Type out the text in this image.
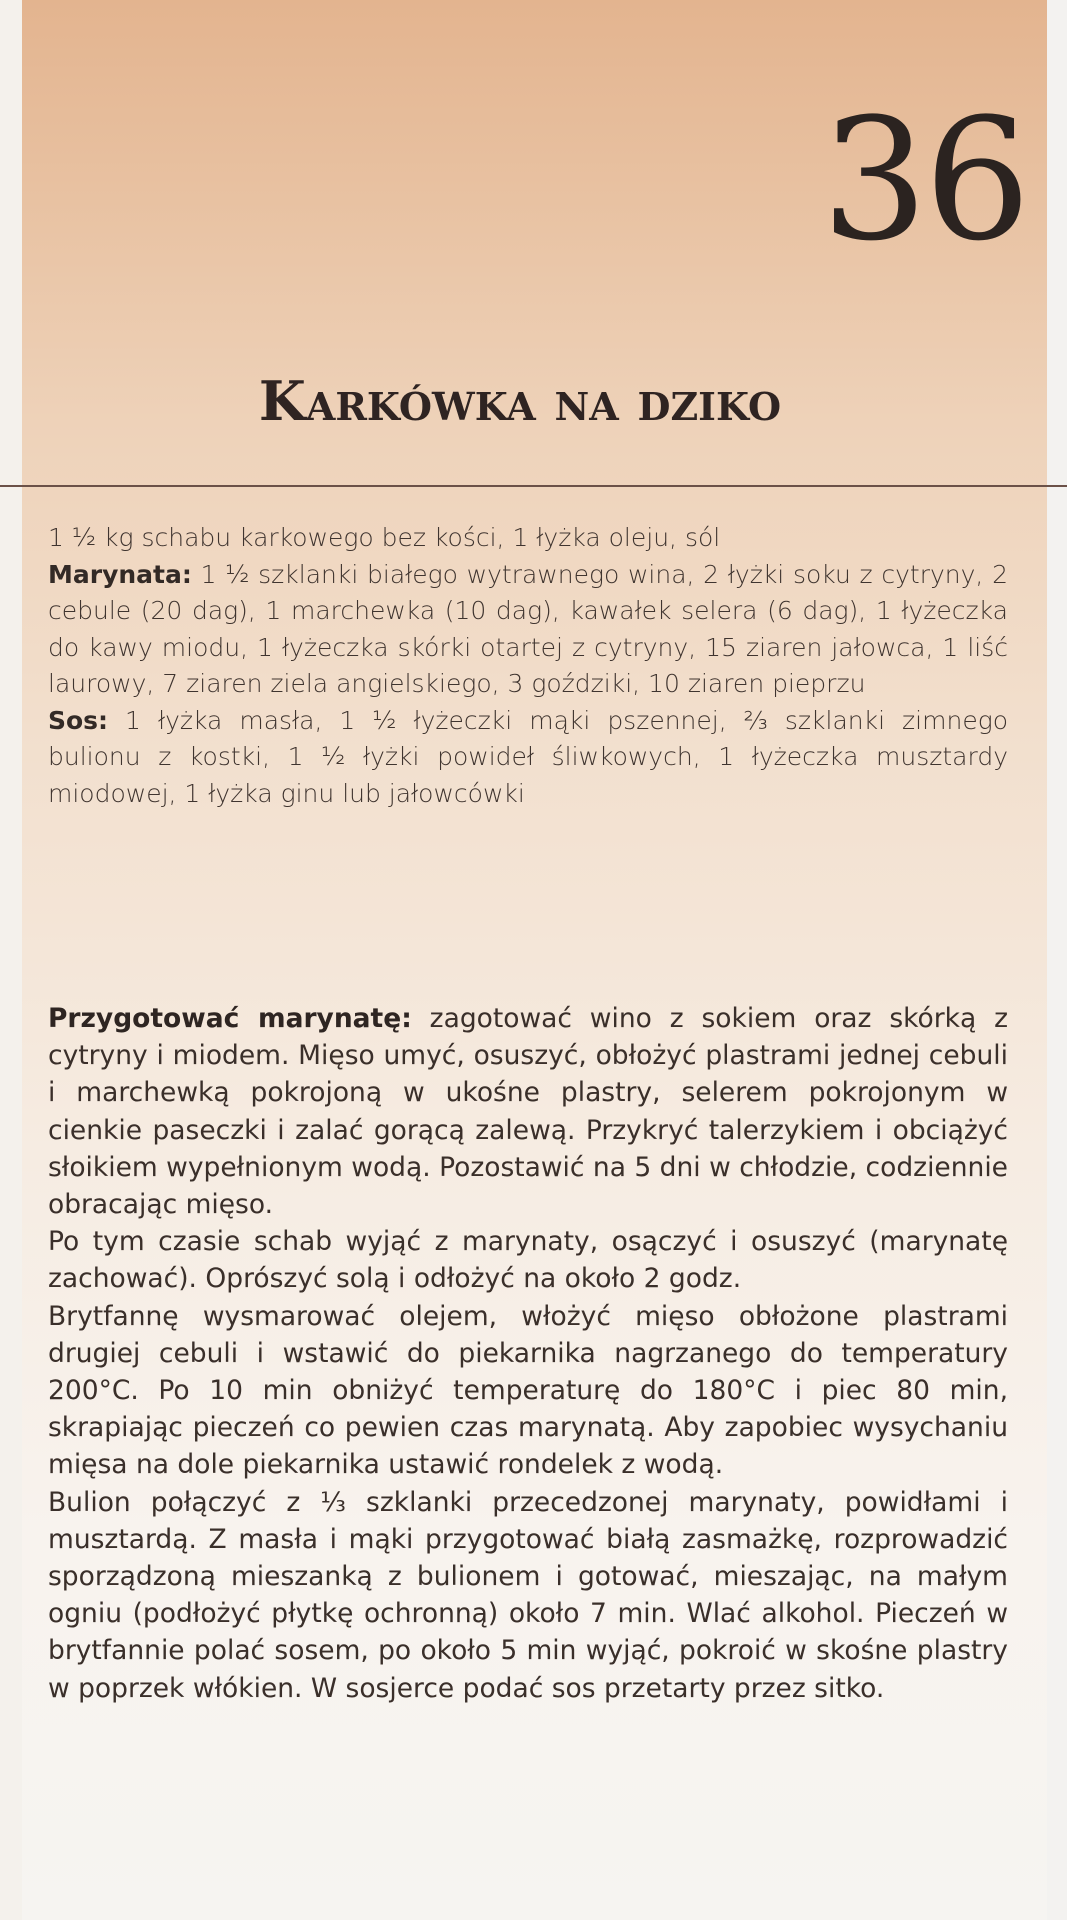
36
Karkówka na dziko

1 ½ kg schabu karkowego bez kości, 1 łyżka oleju, sól

Marynata: 1 ½ szklanki białego wytrawnego wina, 2 łyżki soku z cytryny, 2 cebule (20 dag), 1 marchewka (10 dag), kawałek selera (6 dag), 1 łyżeczka do kawy miodu, 1 łyżeczka skórki otartej z cytryny, 15 ziaren jałowca, 1 liść laurowy, 7 ziaren ziela angielskiego, 3 goździki, 10 ziaren pieprzu

Sos: 1 łyżka masła, 1 ½ łyżeczki mąki pszennej, ⅔ szklanki zimnego bulionu z kostki, 1 ½ łyżki powideł śliwkowych, 1 łyżeczka musztardy miodowej, 1 łyżka ginu lub jałowcówki

Przygotować marynatę: zagotować wino z sokiem oraz skórką z cytryny i miodem. Mięso umyć, osuszyć, obłożyć plastrami jednej cebuli i marchewką pokrojoną w ukośne plastry, selerem pokrojonym w cienkie paseczki i zalać gorącą zalewą. Przykryć talerzykiem i obciążyć słoikiem wypełnionym wodą. Pozostawić na 5 dni w chłodzie, codziennie obracając mięso.

Po tym czasie schab wyjąć z marynaty, osączyć i osuszyć (marynatę zachować). Oprószyć solą i odłożyć na około 2 godz.

Brytfannę wysmarować olejem, włożyć mięso obłożone plastrami drugiej cebuli i wstawić do piekarnika nagrzanego do temperatury 200°C. Po 10 min obniżyć temperaturę do 180°C i piec 80 min, skrapiając pieczeń co pewien czas marynatą. Aby zapobiec wysychaniu mięsa na dole piekarnika ustawić rondelek z wodą.

Bulion połączyć z ⅓ szklanki przecedzonej marynaty, powidłami i musztardą. Z masła i mąki przygotować białą zasmażkę, rozprowadzić sporządzoną mieszanką z bulionem i gotować, mieszając, na małym ogniu (podłożyć płytkę ochronną) około 7 min. Wlać alkohol. Pieczeń w brytfannie polać sosem, po około 5 min wyjąć, pokroić w skośne plastry w poprzek włókien. W sosjerce podać sos przetarty przez sitko.
